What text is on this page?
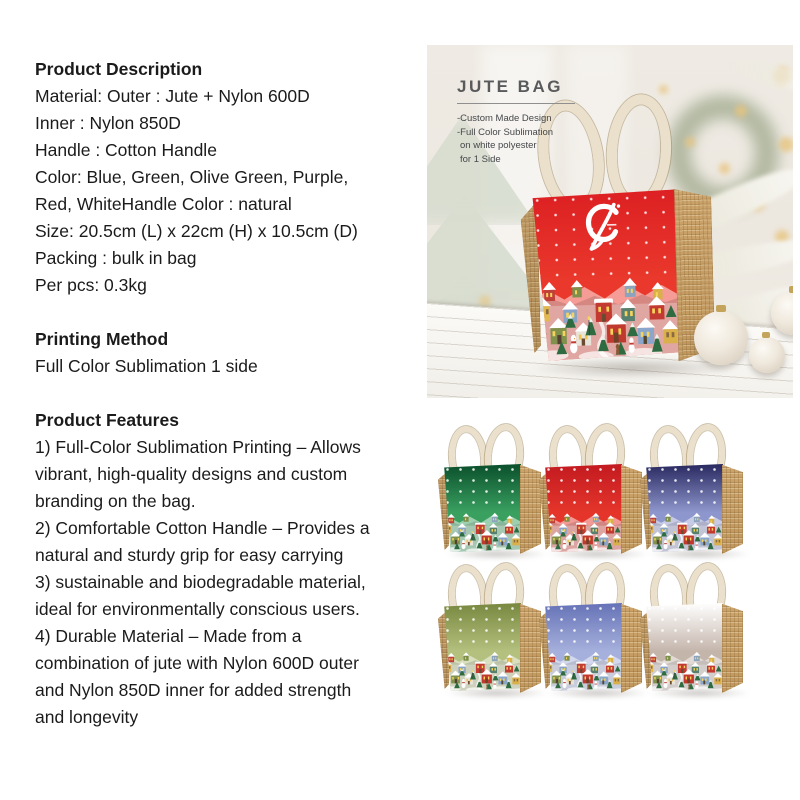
Product Description
Material: Outer : Jute + Nylon 600D
Inner : Nylon 850D
Handle : Cotton Handle
Color: Blue, Green, Olive Green, Purple,
Red, WhiteHandle Color : natural
Size: 20.5cm (L) x 22cm (H) x 10.5cm (D)
Packing : bulk in bag
Per pcs: 0.3kg
Printing Method
Full Color Sublimation 1 side
Product Features
1) Full-Color Sublimation Printing – Allows
vibrant, high-quality designs and custom
branding on the bag.
2) Comfortable Cotton Handle – Provides a
natural and sturdy grip for easy carrying
3) sustainable and biodegradable material,
ideal for environmentally conscious users.
4) Durable Material – Made from a
combination of jute with Nylon 600D outer
and Nylon 850D inner for added strength
and longevity
JUTE BAG
-Custom Made Design
-Full Color Sublimation
on white polyester
for 1 Side
